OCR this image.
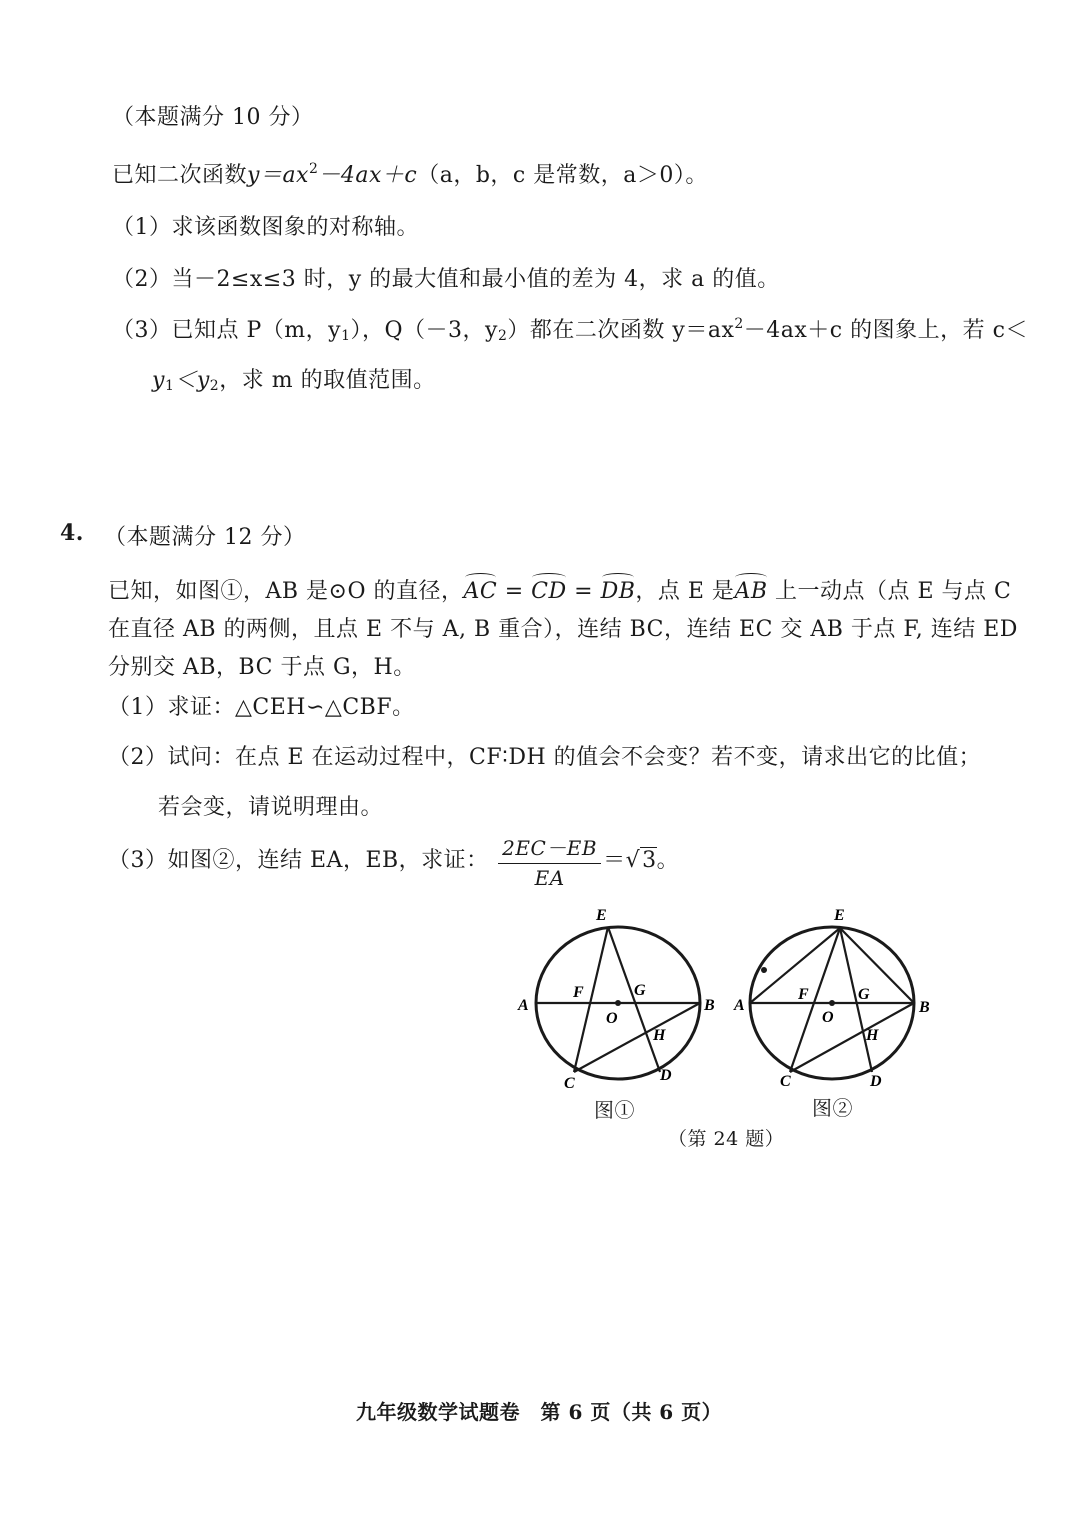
（本题满分 10 分）
已知二次函数$y=ax^2-4ax+c(a$，b，c 是常数，a＞0）。
（1）求该函数图象的对称轴。
（2）当－2≤x≤3 时，y 的最大值和最小值的差为 4，求 a 的值。
（3）已知点 P（m，$y_1$），Q（－3，$y_2$）都在二次函数 $y=ax^2-4ax+c$ 的图象上，若 c＜
$y_1<y_2$，求 m 的取值范围。
4. （本题满分 12 分）
已知，如图①，AB 是⊙O 的直径，AC = CD = DB，点 E 是AB 上一动点（点 E 与点 C
在直径 AB 的两侧，且点 E 不与 A, B 重合），连结 BC，连结 EC 交 AB 于点 F, 连结 ED
分别交 AB，BC 于点 G，H。
（1）求证：△CEH∽△CBF。
（2）试问：在点 E 在运动过程中，CF∶DH 的值会不会变？若不变，请求出它的比值；
若会变，请说明理由。
（3）如图②，连结 EA，EB，求证： $\frac{2EC-EB}{EA} =√3$。
E
A	B
F	G
O
H
C	D
E
A	B
F	G
O
H
C	D
图①	图②
（第 24 题）
九年级数学试题卷　第 6 页（共 6 页）
